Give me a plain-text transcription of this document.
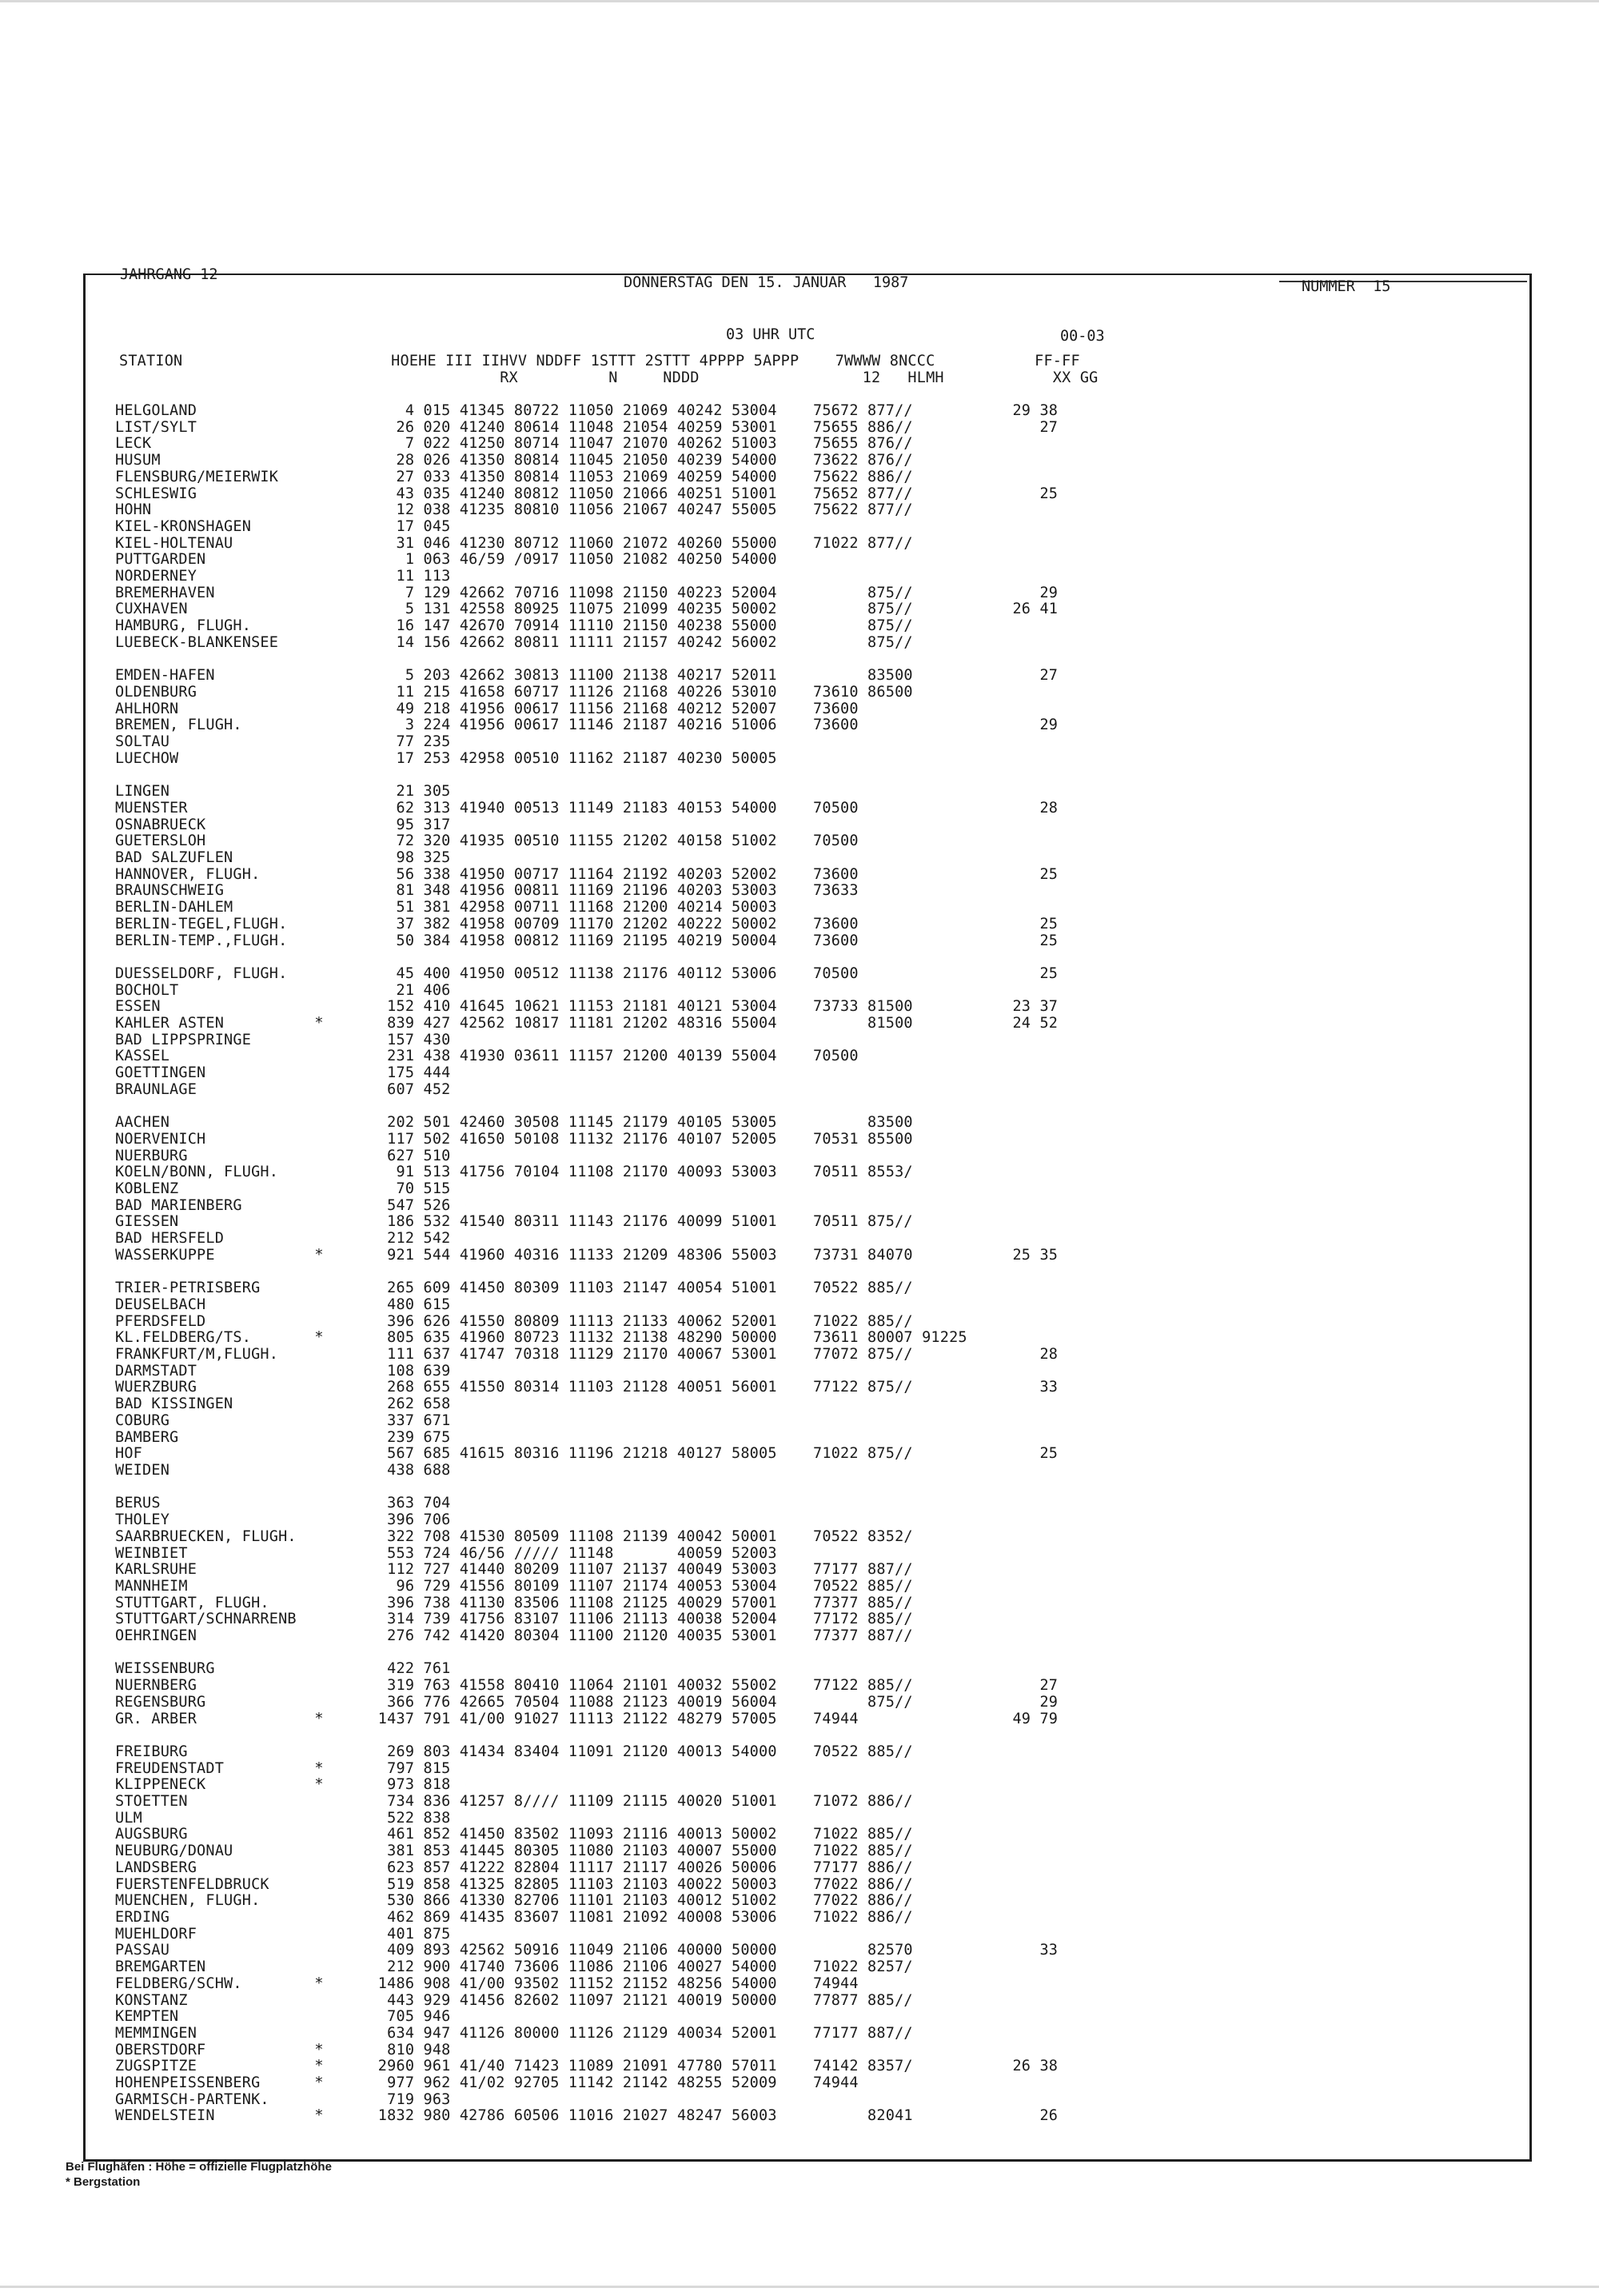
JAHRGANG 12	DONNERSTAG DEN 15. JANUAR   1987	NUMMER  15
03 UHR UTC	00-03
STATION                       HOEHE III IIHVV NDDFF 1STTT 2STTT 4PPPP 5APPP    7WWWW 8NCCC           FF-FF
RX          N     NDDD                  12   HLMH            XX GG
HELGOLAND                       4 015 41345 80722 11050 21069 40242 53004    75672 877//           29 38
LIST/SYLT                      26 020 41240 80614 11048 21054 40259 53001    75655 886//              27
LECK                            7 022 41250 80714 11047 21070 40262 51003    75655 876//
HUSUM                          28 026 41350 80814 11045 21050 40239 54000    73622 876//
FLENSBURG/MEIERWIK             27 033 41350 80814 11053 21069 40259 54000    75622 886//
SCHLESWIG                      43 035 41240 80812 11050 21066 40251 51001    75652 877//              25
HOHN                           12 038 41235 80810 11056 21067 40247 55005    75622 877//
KIEL-KRONSHAGEN                17 045
KIEL-HOLTENAU                  31 046 41230 80712 11060 21072 40260 55000    71022 877//
PUTTGARDEN                      1 063 46/59 /0917 11050 21082 40250 54000
NORDERNEY                      11 113
BREMERHAVEN                     7 129 42662 70716 11098 21150 40223 52004          875//              29
CUXHAVEN                        5 131 42558 80925 11075 21099 40235 50002          875//           26 41
HAMBURG, FLUGH.                16 147 42670 70914 11110 21150 40238 55000          875//
LUEBECK-BLANKENSEE             14 156 42662 80811 11111 21157 40242 56002          875//

EMDEN-HAFEN                     5 203 42662 30813 11100 21138 40217 52011          83500              27
OLDENBURG                      11 215 41658 60717 11126 21168 40226 53010    73610 86500
AHLHORN                        49 218 41956 00617 11156 21168 40212 52007    73600
BREMEN, FLUGH.                  3 224 41956 00617 11146 21187 40216 51006    73600                    29
SOLTAU                         77 235
LUECHOW                        17 253 42958 00510 11162 21187 40230 50005

LINGEN                         21 305
MUENSTER                       62 313 41940 00513 11149 21183 40153 54000    70500                    28
OSNABRUECK                     95 317
GUETERSLOH                     72 320 41935 00510 11155 21202 40158 51002    70500
BAD SALZUFLEN                  98 325
HANNOVER, FLUGH.               56 338 41950 00717 11164 21192 40203 52002    73600                    25
BRAUNSCHWEIG                   81 348 41956 00811 11169 21196 40203 53003    73633
BERLIN-DAHLEM                  51 381 42958 00711 11168 21200 40214 50003
BERLIN-TEGEL,FLUGH.            37 382 41958 00709 11170 21202 40222 50002    73600                    25
BERLIN-TEMP.,FLUGH.            50 384 41958 00812 11169 21195 40219 50004    73600                    25

DUESSELDORF, FLUGH.            45 400 41950 00512 11138 21176 40112 53006    70500                    25
BOCHOLT                        21 406
ESSEN                         152 410 41645 10621 11153 21181 40121 53004    73733 81500           23 37
KAHLER ASTEN          *       839 427 42562 10817 11181 21202 48316 55004          81500           24 52
BAD LIPPSPRINGE               157 430
KASSEL                        231 438 41930 03611 11157 21200 40139 55004    70500
GOETTINGEN                    175 444
BRAUNLAGE                     607 452

AACHEN                        202 501 42460 30508 11145 21179 40105 53005          83500
NOERVENICH                    117 502 41650 50108 11132 21176 40107 52005    70531 85500
NUERBURG                      627 510
KOELN/BONN, FLUGH.             91 513 41756 70104 11108 21170 40093 53003    70511 8553/
KOBLENZ                        70 515
BAD MARIENBERG                547 526
GIESSEN                       186 532 41540 80311 11143 21176 40099 51001    70511 875//
BAD HERSFELD                  212 542
WASSERKUPPE           *       921 544 41960 40316 11133 21209 48306 55003    73731 84070           25 35

TRIER-PETRISBERG              265 609 41450 80309 11103 21147 40054 51001    70522 885//
DEUSELBACH                    480 615
PFERDSFELD                    396 626 41550 80809 11113 21133 40062 52001    71022 885//
KL.FELDBERG/TS.       *       805 635 41960 80723 11132 21138 48290 50000    73611 80007 91225
FRANKFURT/M,FLUGH.            111 637 41747 70318 11129 21170 40067 53001    77072 875//              28
DARMSTADT                     108 639
WUERZBURG                     268 655 41550 80314 11103 21128 40051 56001    77122 875//              33
BAD KISSINGEN                 262 658
COBURG                        337 671
BAMBERG                       239 675
HOF                           567 685 41615 80316 11196 21218 40127 58005    71022 875//              25
WEIDEN                        438 688

BERUS                         363 704
THOLEY                        396 706
SAARBRUECKEN, FLUGH.          322 708 41530 80509 11108 21139 40042 50001    70522 8352/
WEINBIET                      553 724 46/56 ///// 11148       40059 52003
KARLSRUHE                     112 727 41440 80209 11107 21137 40049 53003    77177 887//
MANNHEIM                       96 729 41556 80109 11107 21174 40053 53004    70522 885//
STUTTGART, FLUGH.             396 738 41130 83506 11108 21125 40029 57001    77377 885//
STUTTGART/SCHNARRENB          314 739 41756 83107 11106 21113 40038 52004    77172 885//
OEHRINGEN                     276 742 41420 80304 11100 21120 40035 53001    77377 887//

WEISSENBURG                   422 761
NUERNBERG                     319 763 41558 80410 11064 21101 40032 55002    77122 885//              27
REGENSBURG                    366 776 42665 70504 11088 21123 40019 56004          875//              29
GR. ARBER             *      1437 791 41/00 91027 11113 21122 48279 57005    74944                 49 79

FREIBURG                      269 803 41434 83404 11091 21120 40013 54000    70522 885//
FREUDENSTADT          *       797 815
KLIPPENECK            *       973 818
STOETTEN                      734 836 41257 8//// 11109 21115 40020 51001    71072 886//
ULM                           522 838
AUGSBURG                      461 852 41450 83502 11093 21116 40013 50002    71022 885//
NEUBURG/DONAU                 381 853 41445 80305 11080 21103 40007 55000    71022 885//
LANDSBERG                     623 857 41222 82804 11117 21117 40026 50006    77177 886//
FUERSTENFELDBRUCK             519 858 41325 82805 11103 21103 40022 50003    77022 886//
MUENCHEN, FLUGH.              530 866 41330 82706 11101 21103 40012 51002    77022 886//
ERDING                        462 869 41435 83607 11081 21092 40008 53006    71022 886//
MUEHLDORF                     401 875
PASSAU                        409 893 42562 50916 11049 21106 40000 50000          82570              33
BREMGARTEN                    212 900 41740 73606 11086 21106 40027 54000    71022 8257/
FELDBERG/SCHW.        *      1486 908 41/00 93502 11152 21152 48256 54000    74944
KONSTANZ                      443 929 41456 82602 11097 21121 40019 50000    77877 885//
KEMPTEN                       705 946
MEMMINGEN                     634 947 41126 80000 11126 21129 40034 52001    77177 887//
OBERSTDORF            *       810 948
ZUGSPITZE             *      2960 961 41/40 71423 11089 21091 47780 57011    74142 8357/           26 38
HOHENPEISSENBERG      *       977 962 41/02 92705 11142 21142 48255 52009    74944
GARMISCH-PARTENK.             719 963
WENDELSTEIN           *      1832 980 42786 60506 11016 21027 48247 56003          82041              26
Bei Flughäfen : Höhe = offizielle Flugplatzhöhe
* Bergstation
